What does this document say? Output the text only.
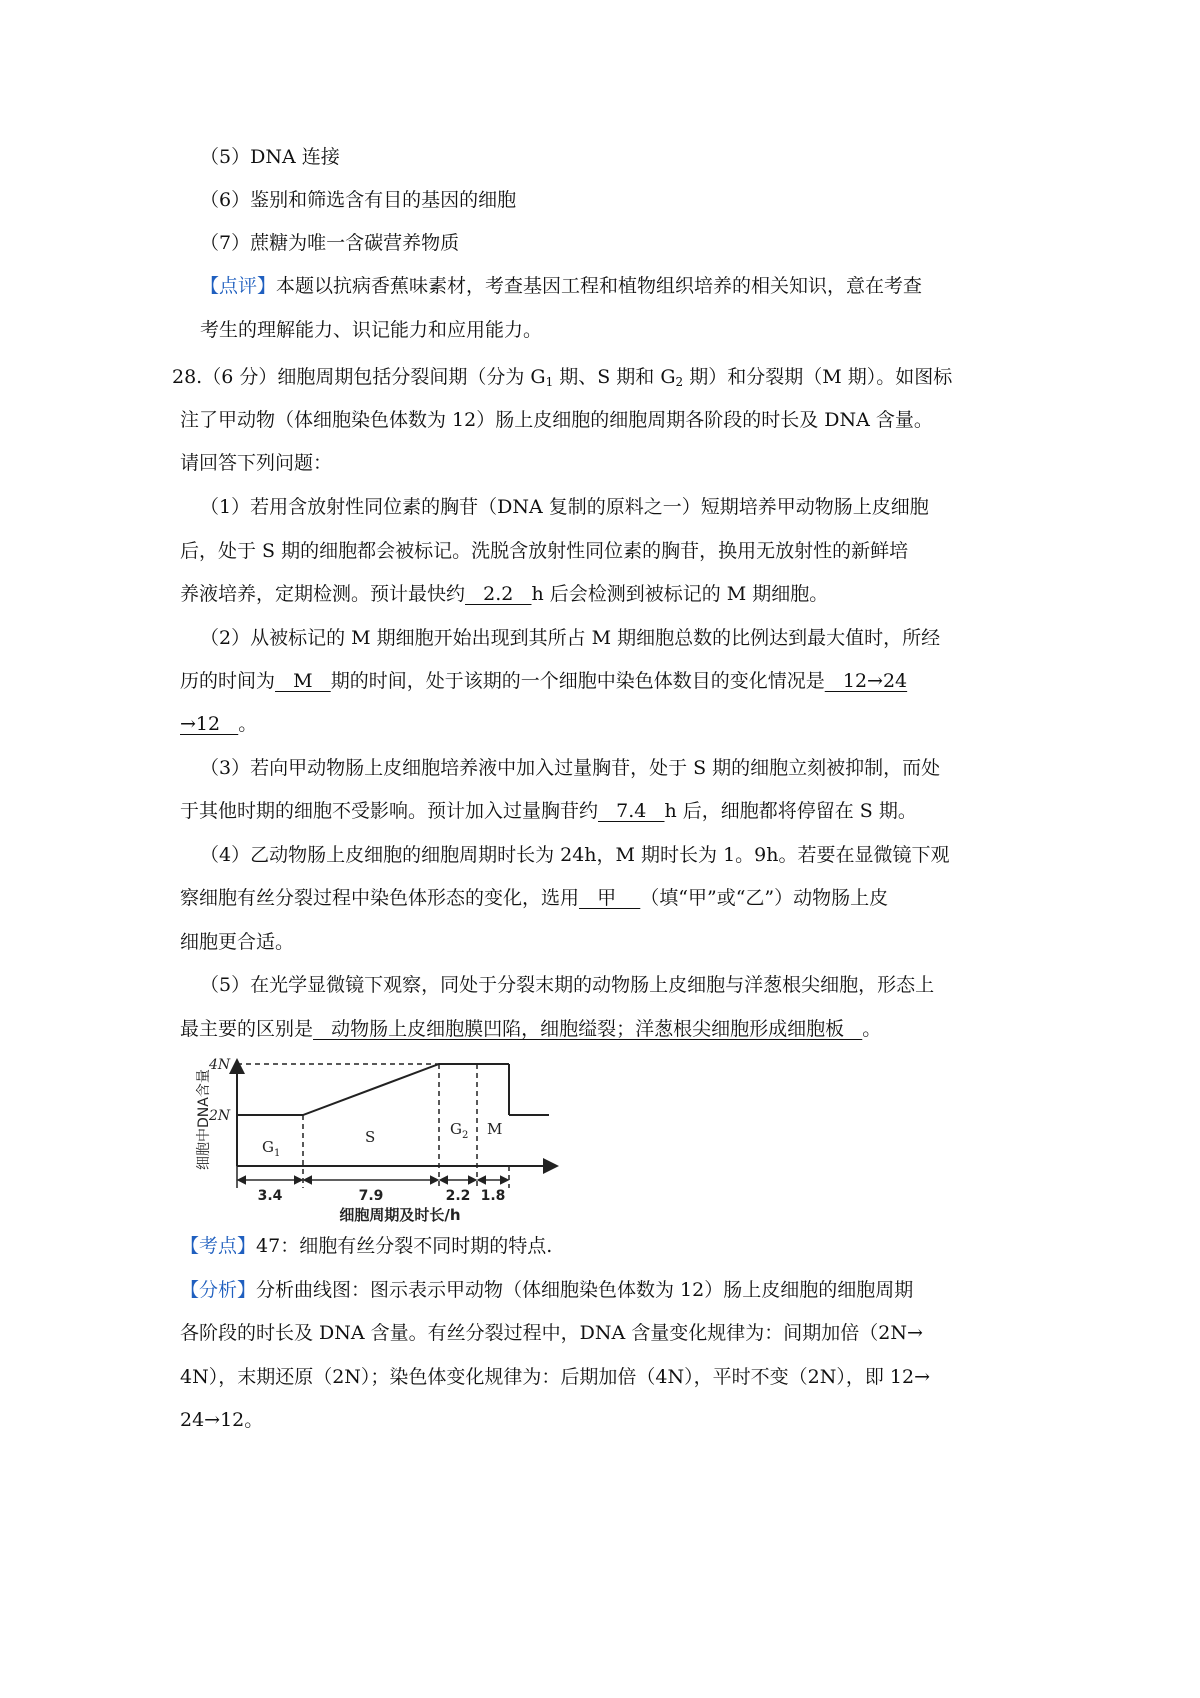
（5）DNA 连接
（6）鉴别和筛选含有目的基因的细胞
（7）蔗糖为唯一含碳营养物质
【点评】本题以抗病香蕉味素材，考查基因工程和植物组织培养的相关知识，意在考查
考生的理解能力、识记能力和应用能力。
28.（6 分）细胞周期包括分裂间期（分为 $G_1$ 期、S 期和 $G_2$ 期）和分裂期（M 期）。如图标
注了甲动物（体细胞染色体数为 12）肠上皮细胞的细胞周期各阶段的时长及 DNA 含量。
请回答下列问题：
（1）若用含放射性同位素的胸苷（DNA 复制的原料之一）短期培养甲动物肠上皮细胞
后，处于 S 期的细胞都会被标记。洗脱含放射性同位素的胸苷，换用无放射性的新鲜培
养液培养，定期检测。预计最快约   2.2   h 后会检测到被标记的 M 期细胞。
（2）从被标记的 M 期细胞开始出现到其所占 M 期细胞总数的比例达到最大值时，所经
历的时间为   M   期的时间，处于该期的一个细胞中染色体数目的变化情况是   12→24
→12   。
（3）若向甲动物肠上皮细胞培养液中加入过量胸苷，处于 S 期的细胞立刻被抑制，而处
于其他时期的细胞不受影响。预计加入过量胸苷约   7.4   h 后，细胞都将停留在 S 期。
（4）乙动物肠上皮细胞的细胞周期时长为 24h，M 期时长为 1。9h。若要在显微镜下观
察细胞有丝分裂过程中染色体形态的变化，选用   甲    （填“甲”或“乙”）动物肠上皮
细胞更合适。
（5）在光学显微镜下观察，同处于分裂末期的动物肠上皮细胞与洋葱根尖细胞，形态上
最主要的区别是   动物肠上皮细胞膜凹陷，细胞缢裂；洋葱根尖细胞形成细胞板   。
细胞中DNA含量
2N
4N
$G_1$
S	$G_2$ M
3.4	7.9	2.2 1.8
细胞周期及时长/h
【考点】47：细胞有丝分裂不同时期的特点.
【分析】分析曲线图：图示表示甲动物（体细胞染色体数为 12）肠上皮细胞的细胞周期
各阶段的时长及 DNA 含量。有丝分裂过程中，DNA 含量变化规律为：间期加倍（2N→
4N），末期还原（2N）；染色体变化规律为：后期加倍（4N），平时不变（2N），即 12→
24→12。
